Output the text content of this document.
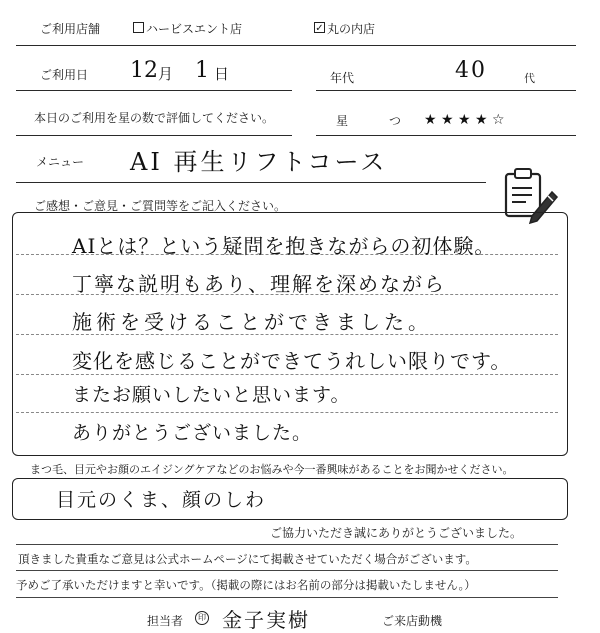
ご利用店舗	ハービスエント店	✓ 丸の内店
ご利用日 12 月 1 日	年代	40	代
本日のご利用を星の数で評価してください。	星	つ ★ ★ ★ ★ ☆
メニュー AI 再生リフトコース
ご感想・ご意見・ご質問等をご記入ください。
AIとは？という疑問を抱きながらの初体験。
丁寧な説明もあり、理解を深めながら
施術を受けることができました。
変化を感じることができてうれしい限りです。
またお願いしたいと思います。
ありがとうございました。
まつ毛、目元やお顔のエイジングケアなどのお悩みや今一番興味があることをお聞かせください。
目元のくま、顔のしわ
ご協力いただき誠にありがとうございました。
頂きました貴重なご意見は公式ホームページにて掲載させていただく場合がございます。
予めご了承いただけますと幸いです。（掲載の際にはお名前の部分は掲載いたしません。）
担当者	印 金子実樹	ご来店動機
